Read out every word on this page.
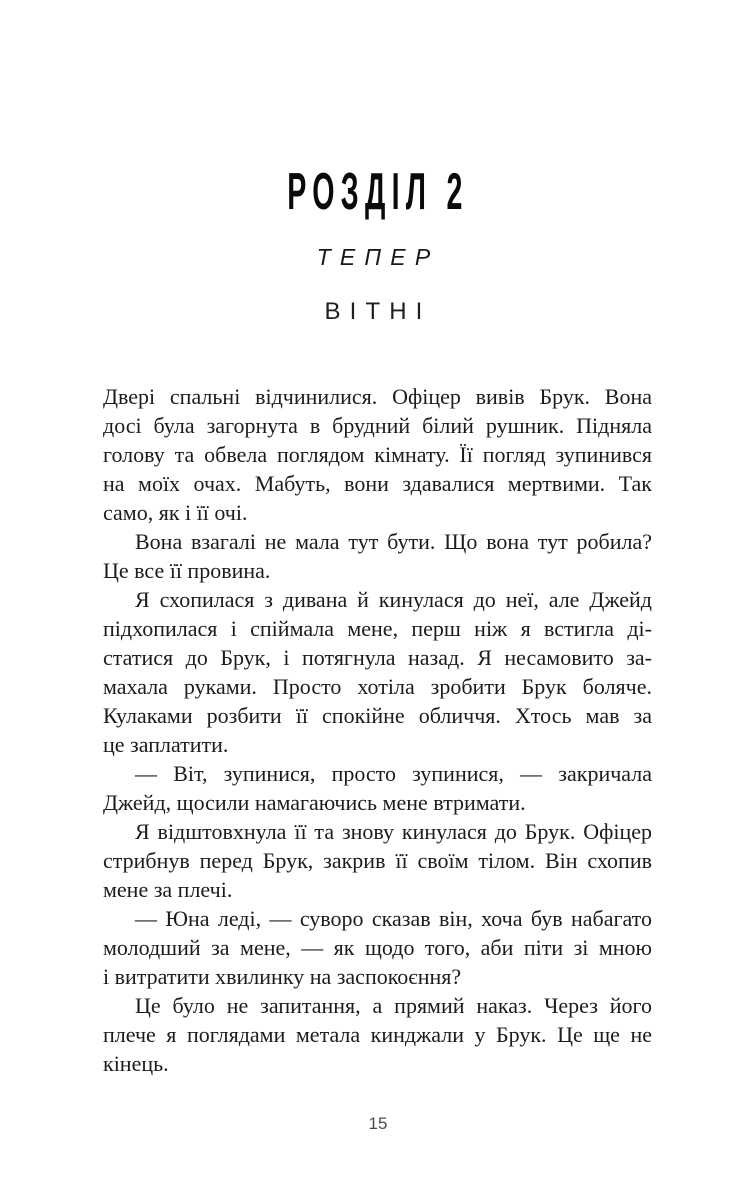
РОЗДІЛ 2
ТЕПЕР
ВІТНІ
Двері спальні відчинилися. Офіцер вивів Брук. Вона
досі була загорнута в брудний білий рушник. Підняла
голову та обвела поглядом кімнату. Її погляд зупинився
на моїх очах. Мабуть, вони здавалися мертвими. Так
само, як і її очі.
Вона взагалі не мала тут бути. Що вона тут робила?
Це все її провина.
Я схопилася з дивана й кинулася до неї, але Джейд
підхопилася і спіймала мене, перш ніж я встигла ді-
статися до Брук, і потягнула назад. Я несамовито за-
махала руками. Просто хотіла зробити Брук боляче.
Кулаками розбити її спокійне обличчя. Хтось мав за
це заплатити.
— Віт, зупинися, просто зупинися, — закричала
Джейд, щосили намагаючись мене втримати.
Я відштовхнула її та знову кинулася до Брук. Офіцер
стрибнув перед Брук, закрив її своїм тілом. Він схопив
мене за плечі.
— Юна леді, — суворо сказав він, хоча був набагато
молодший за мене, — як щодо того, аби піти зі мною
і витратити хвилинку на заспокоєння?
Це було не запитання, а прямий наказ. Через його
плече я поглядами метала кинджали у Брук. Це ще не
кінець.
15
